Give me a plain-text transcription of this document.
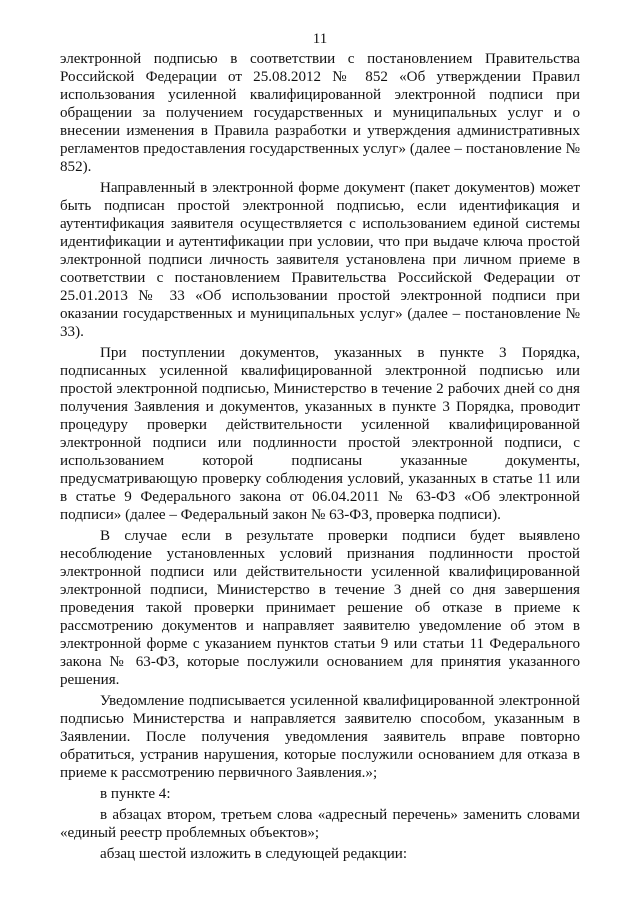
11

электронной подписью в соответствии с постановлением Правительства Российской Федерации от 25.08.2012 № 852 «Об утверждении Правил использования усиленной квалифицированной электронной подписи при обращении за получением государственных и муниципальных услуг и о внесении изменения в Правила разработки и утверждения административных регламентов предоставления государственных услуг» (далее – постановление № 852).

Направленный в электронной форме документ (пакет документов) может быть подписан простой электронной подписью, если идентификация и аутентификация заявителя осуществляется с использованием единой системы идентификации и аутентификации при условии, что при выдаче ключа простой электронной подписи личность заявителя установлена при личном приеме в соответствии с постановлением Правительства Российской Федерации от 25.01.2013 № 33 «Об использовании простой электронной подписи при оказании государственных и муниципальных услуг» (далее – постановление № 33).

При поступлении документов, указанных в пункте 3 Порядка, подписанных усиленной квалифицированной электронной подписью или простой электронной подписью, Министерство в течение 2 рабочих дней со дня получения Заявления и документов, указанных в пункте 3 Порядка, проводит процедуру проверки действительности усиленной квалифицированной электронной подписи или подлинности простой электронной подписи, с использованием которой подписаны указанные документы, предусматривающую проверку соблюдения условий, указанных в статье 11 или в статье 9 Федерального закона от 06.04.2011 № 63-ФЗ «Об электронной подписи» (далее – Федеральный закон № 63-ФЗ, проверка подписи).

В случае если в результате проверки подписи будет выявлено несоблюдение установленных условий признания подлинности простой электронной подписи или действительности усиленной квалифицированной электронной подписи, Министерство в течение 3 дней со дня завершения проведения такой проверки принимает решение об отказе в приеме к рассмотрению документов и направляет заявителю уведомление об этом в электронной форме с указанием пунктов статьи 9 или статьи 11 Федерального закона № 63-ФЗ, которые послужили основанием для принятия указанного решения.

Уведомление подписывается усиленной квалифицированной электронной подписью Министерства и направляется заявителю способом, указанным в Заявлении. После получения уведомления заявитель вправе повторно обратиться, устранив нарушения, которые послужили основанием для отказа в приеме к рассмотрению первичного Заявления.»;

в пункте 4:

в абзацах втором, третьем слова «адресный перечень» заменить словами «единый реестр проблемных объектов»;

абзац шестой изложить в следующей редакции:
